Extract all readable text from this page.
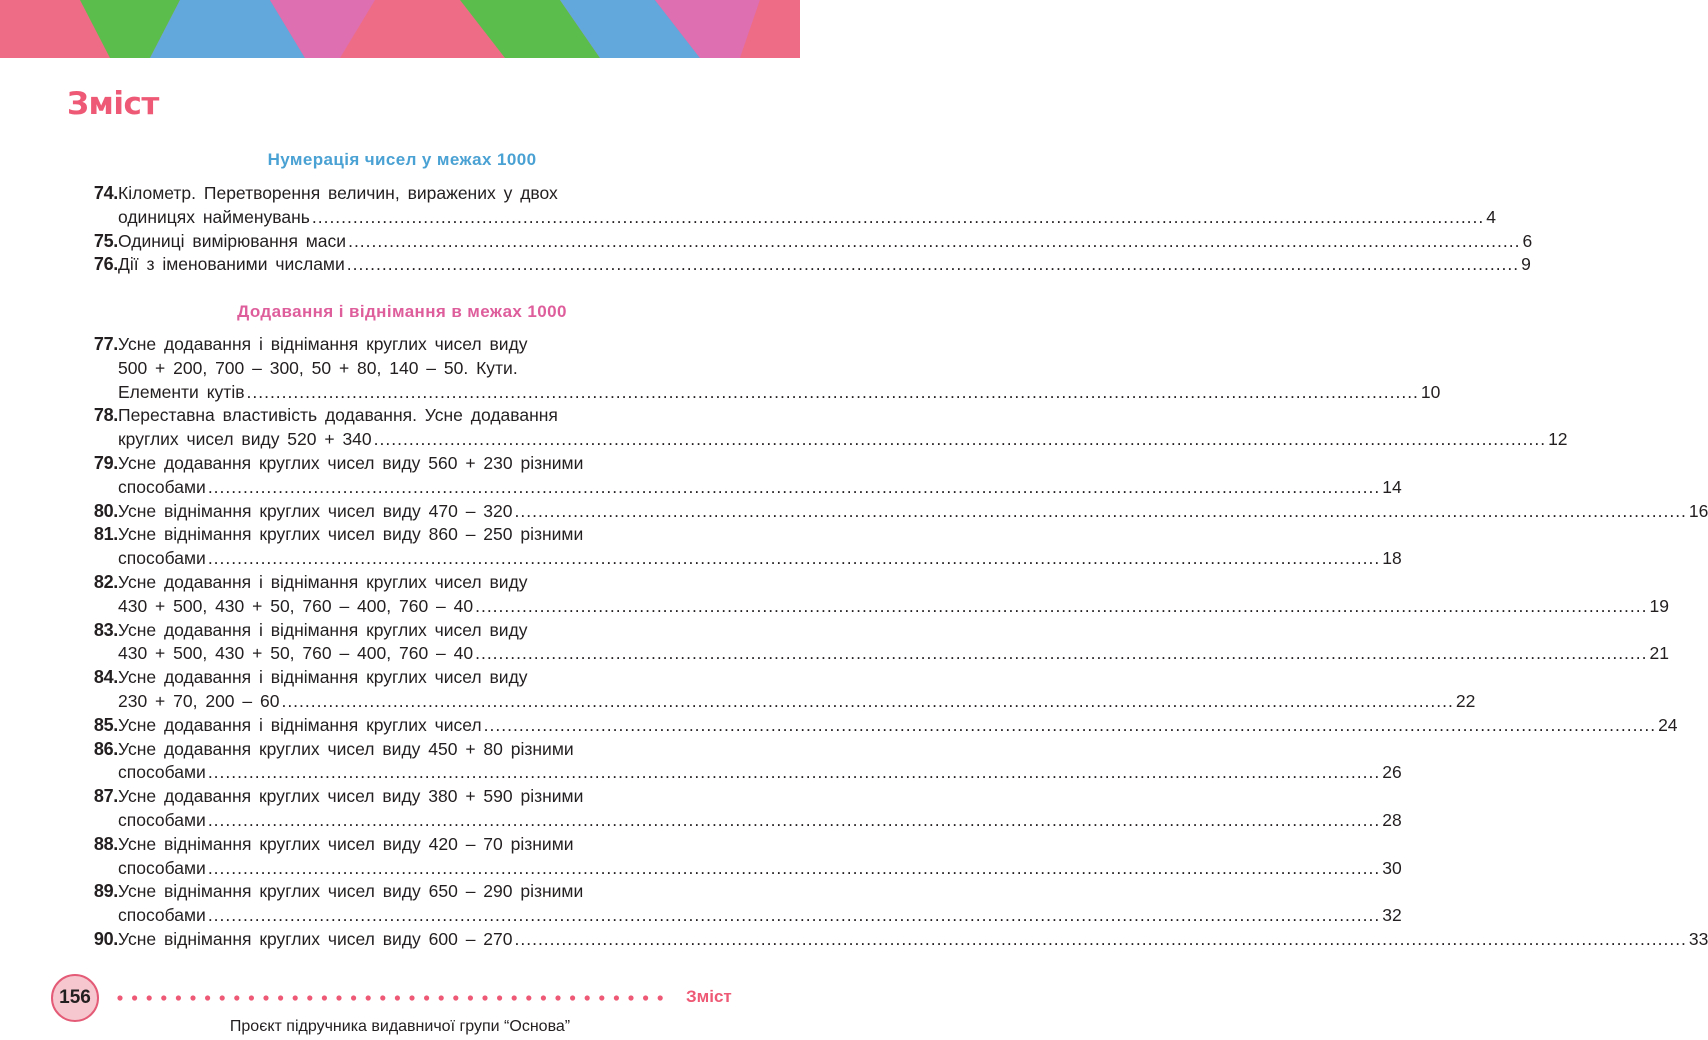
Зміст
Нумерація чисел у межах 1000
Додавання і віднімання в межах 1000
74. Кілометр. Перетворення величин, виражених у двох
одиницях найменувань ........................................................................................................................................................................................................ 4
75. Одиниці вимірювання маси ........................................................................................................................................................................................................ 6
76. Дії з іменованими числами ........................................................................................................................................................................................................ 9
77. Усне додавання і віднімання круглих чисел виду
500 + 200, 700 – 300, 50 + 80, 140 – 50. Кути.
Елементи кутів ........................................................................................................................................................................................................ 10
78. Переставна властивість додавання. Усне додавання
круглих чисел виду 520 + 340 ........................................................................................................................................................................................................ 12
79. Усне додавання круглих чисел виду 560 + 230 різними
способами ........................................................................................................................................................................................................ 14
80. Усне віднімання круглих чисел виду 470 – 320 ........................................................................................................................................................................................................ 16
81. Усне віднімання круглих чисел виду 860 – 250 різними
способами ........................................................................................................................................................................................................ 18
82. Усне додавання і віднімання круглих чисел виду
430 + 500, 430 + 50, 760 – 400, 760 – 40 ........................................................................................................................................................................................................ 19
83. Усне додавання і віднімання круглих чисел виду
430 + 500, 430 + 50, 760 – 400, 760 – 40 ........................................................................................................................................................................................................ 21
84. Усне додавання і віднімання круглих чисел виду
230 + 70, 200 – 60 ........................................................................................................................................................................................................ 22
85. Усне додавання і віднімання круглих чисел ........................................................................................................................................................................................................ 24
86. Усне додавання круглих чисел виду 450 + 80 різними
способами ........................................................................................................................................................................................................ 26
87. Усне додавання круглих чисел виду 380 + 590 різними
способами ........................................................................................................................................................................................................ 28
88. Усне віднімання круглих чисел виду 420 – 70 різними
способами ........................................................................................................................................................................................................ 30
89. Усне віднімання круглих чисел виду 650 – 290 різними
способами ........................................................................................................................................................................................................ 32
90. Усне віднімання круглих чисел виду 600 – 270 ........................................................................................................................................................................................................ 33
156	Зміст
Проєкт підручника видавничої групи “Основа”
